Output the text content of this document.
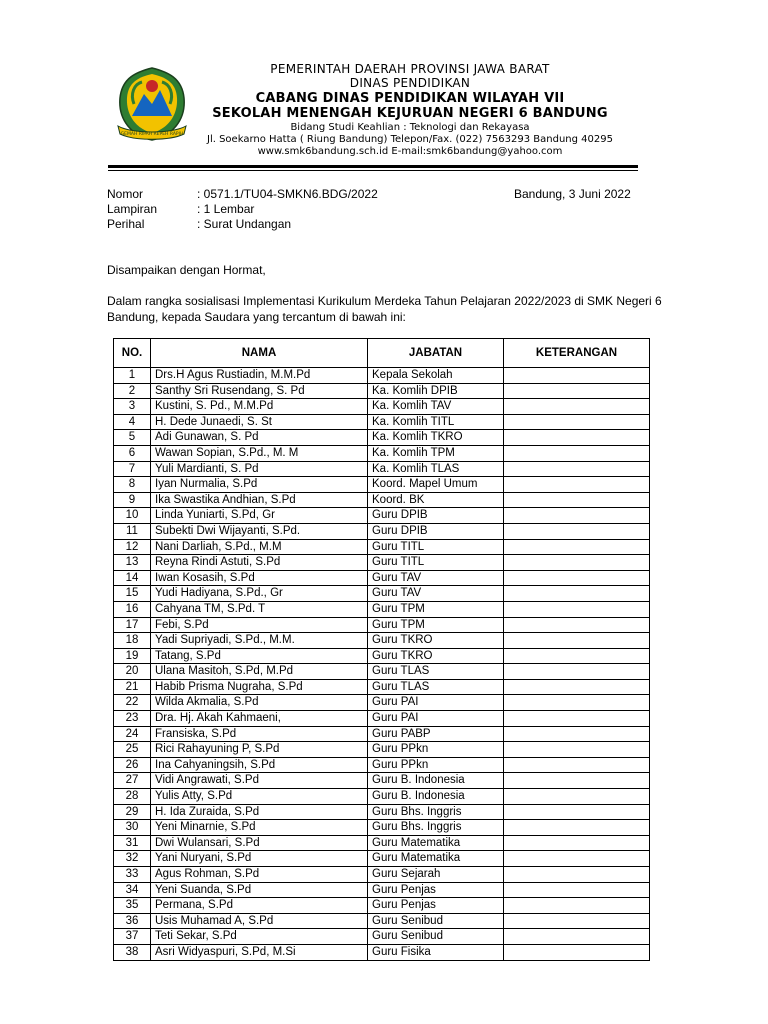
GEMAH RIPAH REPEH RAPIH
PEMERINTAH DAERAH PROVINSI JAWA BARAT
DINAS PENDIDIKAN
CABANG DINAS PENDIDIKAN WILAYAH VII
SEKOLAH MENENGAH KEJURUAN NEGERI 6 BANDUNG
Bidang Studi Keahlian : Teknologi dan Rekayasa
Jl. Soekarno Hatta ( Riung Bandung) Telepon/Fax. (022) 7563293 Bandung 40295
www.smk6bandung.sch.id E-mail:smk6bandung@yahoo.com
Nomor	: 0571.1/TU04-SMKN6.BDG/2022
Lampiran	: 1 Lembar
Perihal	: Surat Undangan
Bandung, 3 Juni 2022
Disampaikan dengan Hormat,
Dalam rangka sosialisasi Implementasi Kurikulum Merdeka Tahun Pelajaran 2022/2023 di SMK Negeri 6
Bandung, kepada Saudara yang tercantum di bawah ini:
NO.	NAMA	JABATAN	KETERANGAN
1	Drs.H Agus Rustiadin, M.M.Pd	Kepala Sekolah	
2	Santhy Sri Rusendang, S. Pd	Ka. Komlih DPIB	
3	Kustini, S. Pd., M.M.Pd	Ka. Komlih TAV	
4	H. Dede Junaedi, S. St	Ka. Komlih TITL	
5	Adi Gunawan, S. Pd	Ka. Komlih TKRO	
6	Wawan Sopian, S.Pd., M. M	Ka. Komlih TPM	
7	Yuli Mardianti, S. Pd	Ka. Komlih TLAS	
8	Iyan Nurmalia, S.Pd	Koord. Mapel Umum	
9	Ika Swastika Andhian, S.Pd	Koord. BK	
10	Linda Yuniarti, S.Pd, Gr	Guru DPIB	
11	Subekti Dwi Wijayanti, S.Pd.	Guru DPIB	
12	Nani Darliah, S.Pd., M.M	Guru TITL	
13	Reyna Rindi Astuti, S.Pd	Guru TITL	
14	Iwan Kosasih, S.Pd	Guru TAV	
15	Yudi Hadiyana, S.Pd., Gr	Guru TAV	
16	Cahyana TM, S.Pd. T	Guru TPM	
17	Febi, S.Pd	Guru TPM	
18	Yadi Supriyadi, S.Pd., M.M.	Guru TKRO	
19	Tatang, S.Pd	Guru TKRO	
20	Ulana Masitoh, S.Pd, M.Pd	Guru TLAS	
21	Habib Prisma Nugraha, S.Pd	Guru TLAS	
22	Wilda Akmalia, S.Pd	Guru PAI	
23	Dra. Hj. Akah Kahmaeni,	Guru PAI	
24	Fransiska, S.Pd	Guru PABP	
25	Rici Rahayuning P, S.Pd	Guru PPkn	
26	Ina Cahyaningsih, S.Pd	Guru PPkn	
27	Vidi Angrawati, S.Pd	Guru B. Indonesia	
28	Yulis Atty, S.Pd	Guru B. Indonesia	
29	H. Ida Zuraida, S.Pd	Guru Bhs. Inggris	
30	Yeni Minarnie, S.Pd	Guru Bhs. Inggris	
31	Dwi Wulansari, S.Pd	Guru Matematika	
32	Yani Nuryani, S.Pd	Guru Matematika	
33	Agus Rohman, S.Pd	Guru Sejarah	
34	Yeni Suanda, S.Pd	Guru Penjas	
35	Permana, S.Pd	Guru Penjas	
36	Usis Muhamad A, S.Pd	Guru Senibud	
37	Teti Sekar, S.Pd	Guru Senibud	
38	Asri Widyaspuri, S.Pd, M.Si	Guru Fisika	
